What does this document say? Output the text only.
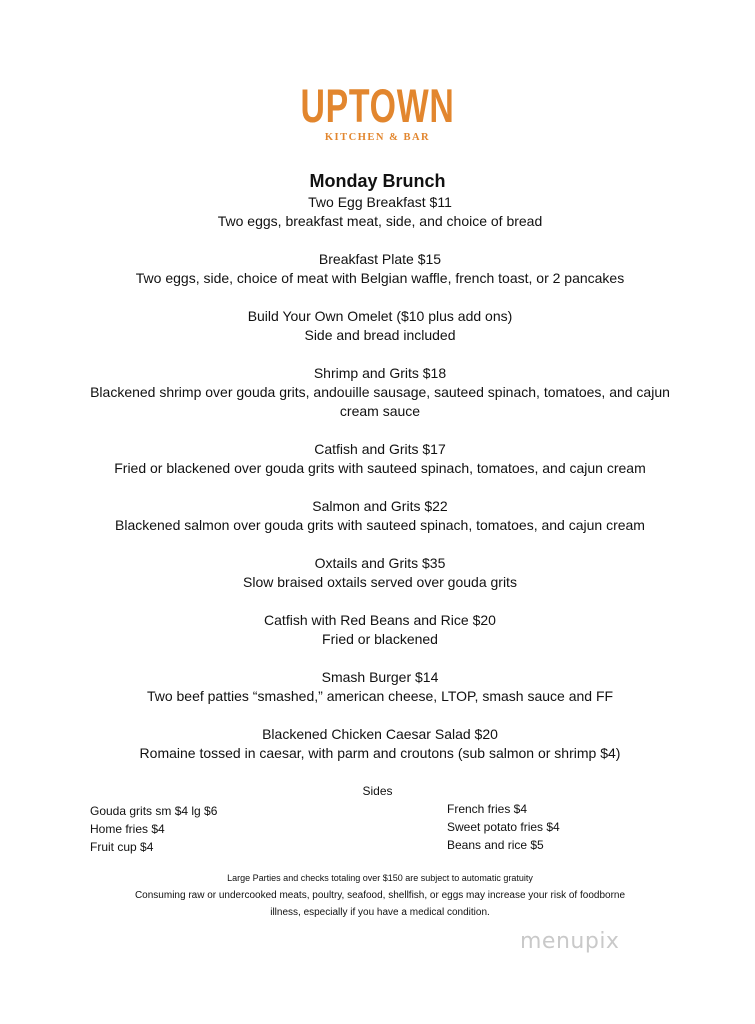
UPTOWN
KITCHEN & BAR
Monday Brunch
Two Egg Breakfast $11
Two eggs, breakfast meat, side, and choice of bread
Breakfast Plate $15
Two eggs, side, choice of meat with Belgian waffle, french toast, or 2 pancakes
Build Your Own Omelet ($10 plus add ons)
Side and bread included
Shrimp and Grits $18
Blackened shrimp over gouda grits, andouille sausage, sauteed spinach, tomatoes, and cajun cream sauce
Catfish and Grits $17
Fried or blackened over gouda grits with sauteed spinach, tomatoes, and cajun cream
Salmon and Grits $22
Blackened salmon over gouda grits with sauteed spinach, tomatoes, and cajun cream
Oxtails and Grits $35
Slow braised oxtails served over gouda grits
Catfish with Red Beans and Rice $20
Fried or blackened
Smash Burger $14
Two beef patties “smashed,” american cheese, LTOP, smash sauce and FF
Blackened Chicken Caesar Salad $20
Romaine tossed in caesar, with parm and croutons (sub salmon or shrimp $4)
Sides
Gouda grits sm $4 lg $6
Home fries $4
Fruit cup $4
French fries $4
Sweet potato fries $4
Beans and rice $5
Large Parties and checks totaling over $150 are subject to automatic gratuity
Consuming raw or undercooked meats, poultry, seafood, shellfish, or eggs may increase your risk of foodborne
illness, especially if you have a medical condition.
menupix
